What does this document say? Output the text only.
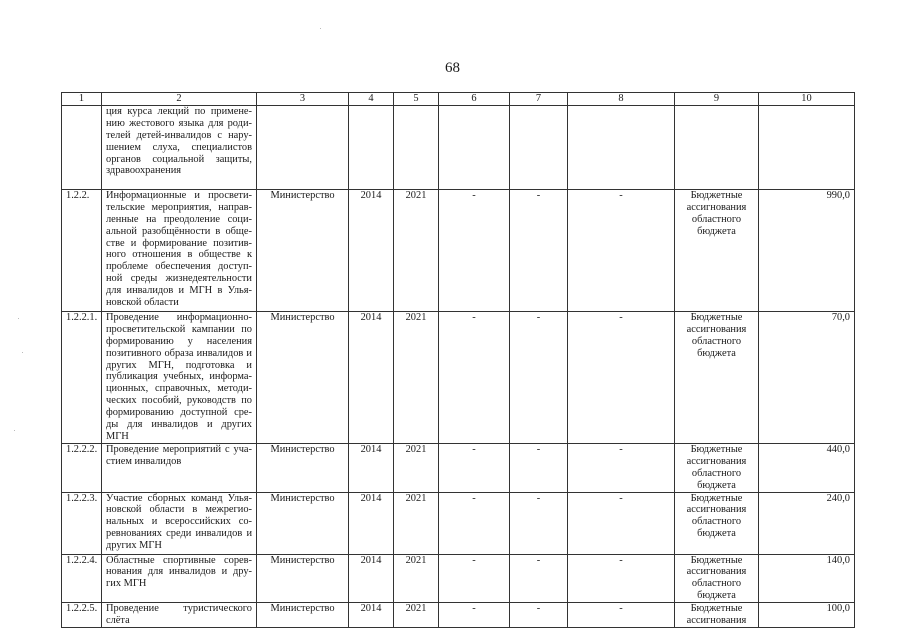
68
1	2	3	4	5	6	7	8	9	10
	ция курса лекций по примене-нию жестового языка для роди-телей детей-инвалидов с нару-шением слуха, специалистов органов социальной защиты, здравоохранения								
1.2.2.	Информационные и просвети-тельские мероприятия, направ-ленные на преодоление соци-альной разобщённости в обще-стве и формирование позитив-ного отношения в обществе к проблеме обеспечения доступ-ной среды жизнедеятельности для инвалидов и МГН в Улья-новской области	Министерство	2014	2021	-	-	-	Бюджетные ассигнования областного бюджета	990,0
1.2.2.1.	Проведение информационно-просветительской кампании по формированию у населения позитивного образа инвалидов и других МГН, подготовка и публикация учебных, информа-ционных, справочных, методи-ческих пособий, руководств по формированию доступной сре-ды для инвалидов и других МГН	Министерство	2014	2021	-	-	-	Бюджетные ассигнования областного бюджета	70,0
1.2.2.2.	Проведение мероприятий с уча-стием инвалидов	Министерство	2014	2021	-	-	-	Бюджетные ассигнования областного бюджета	440,0
1.2.2.3.	Участие сборных команд Улья-новской области в межрегио-нальных и всероссийских со-ревнованиях среди инвалидов и других МГН	Министерство	2014	2021	-	-	-	Бюджетные ассигнования областного бюджета	240,0
1.2.2.4.	Областные спортивные сорев-нования для инвалидов и дру-гих МГН	Министерство	2014	2021	-	-	-	Бюджетные ассигнования областного бюджета	140,0
1.2.2.5.	Проведение туристического слёта	Министерство	2014	2021	-	-	-	Бюджетные ассигнования	100,0
